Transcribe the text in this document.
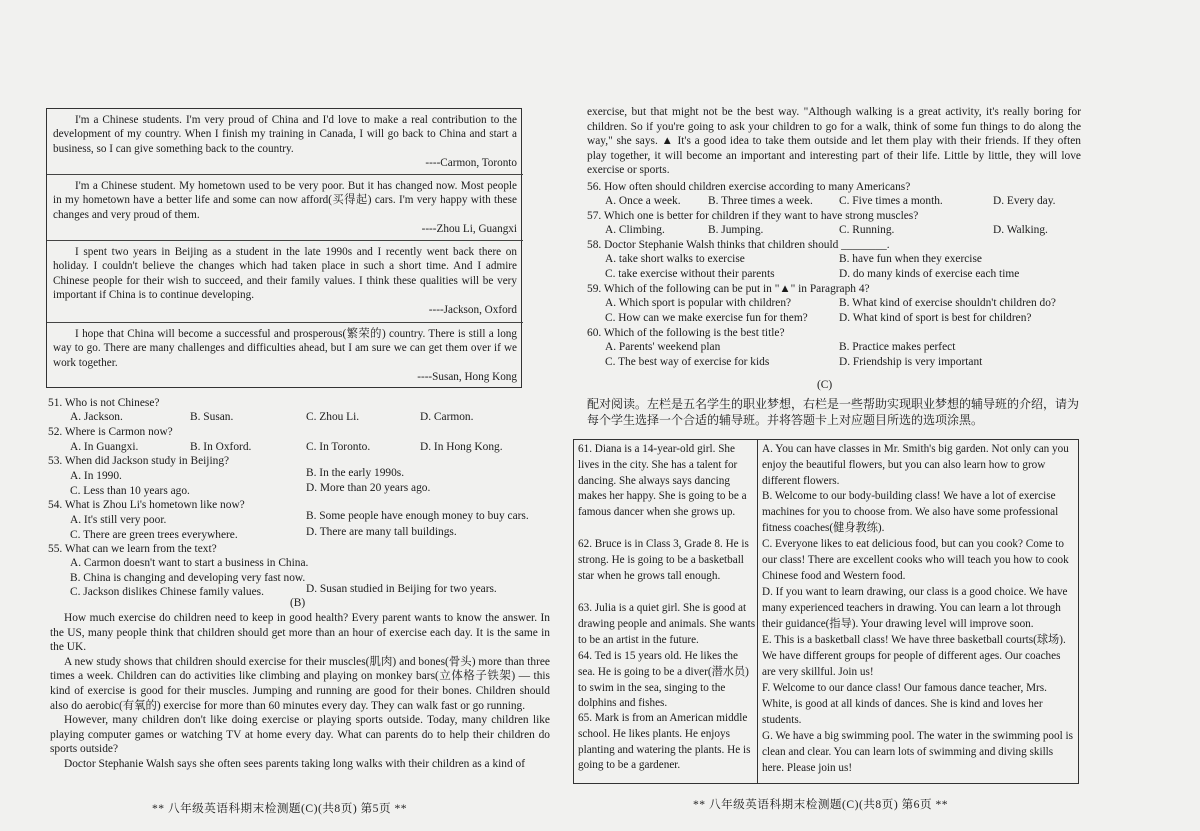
I'm a Chinese students. I'm very proud of China and I'd love to make a real contribution to the development of my country. When I finish my training in Canada, I will go back to China and start a business, so I can give something back to the country.

----Carmon, Toronto

I'm a Chinese student. My hometown used to be very poor. But it has changed now. Most people in my hometown have a better life and some can now afford(买得起) cars. I'm very happy with these changes and very proud of them.

----Zhou Li, Guangxi

I spent two years in Beijing as a student in the late 1990s and I recently went back there on holiday. I couldn't believe the changes which had taken place in such a short time. And I admire Chinese people for their wish to succeed, and their family values. I think these qualities will be very important if China is to continue developing.

----Jackson, Oxford

I hope that China will become a successful and prosperous(繁荣的) country. There is still a long way to go. There are many challenges and difficulties ahead, but I am sure we can get them over if we work together.

----Susan, Hong Kong
51. Who is not Chinese?
A. Jackson.	B. Susan.	C. Zhou Li.	D. Carmon.
52. Where is Carmon now?
A. In Guangxi.	B. In Oxford.	C. In Toronto.	D. In Hong Kong.
53. When did Jackson study in Beijing?
A. In 1990.	B. In the early 1990s.
C. Less than 10 years ago.	D. More than 20 years ago.
54. What is Zhou Li's hometown like now?
A. It's still very poor.	B. Some people have enough money to buy cars.
C. There are green trees everywhere.	D. There are many tall buildings.
55. What can we learn from the text?
A. Carmon doesn't want to start a business in China.
B. China is changing and developing very fast now.
C. Jackson dislikes Chinese family values.	D. Susan studied in Beijing for two years.
(B)

How much exercise do children need to keep in good health? Every parent wants to know the answer. In the US, many people think that children should get more than an hour of exercise each day. It is the same in the UK.

A new study shows that children should exercise for their muscles(肌肉) and bones(骨头) more than three times a week. Children can do activities like climbing and playing on monkey bars(立体格子铁架) — this kind of exercise is good for their muscles. Jumping and running are good for their bones. Children should also do aerobic(有氧的) exercise for more than 60 minutes every day. They can walk fast or go running.

However, many children don't like doing exercise or playing sports outside. Today, many children like playing computer games or watching TV at home every day. What can parents do to help their children do sports outside?

Doctor Stephanie Walsh says she often sees parents taking long walks with their children as a kind of

** 八年级英语科期末检测题(C)(共8页) 第5页 **
exercise, but that might not be the best way. "Although walking is a great activity, it's really boring for children. So if you're going to ask your children to go for a walk, think of some fun things to do along the way," she says. ▲ It's a good idea to take them outside and let them play with their friends. If they often play together, it will become an important and interesting part of their life. Little by little, they will love exercise or sports.
56. How often should children exercise according to many Americans?
A. Once a week. B. Three times a week. C. Five times a month.	D. Every day.
57. Which one is better for children if they want to have strong muscles?
A. Climbing.	B. Jumping.	C. Running.	D. Walking.
58. Doctor Stephanie Walsh thinks that children should ________.
A. take short walks to exercise	B. have fun when they exercise
C. take exercise without their parents	D. do many kinds of exercise each time
59. Which of the following can be put in "▲" in Paragraph 4?
A. Which sport is popular with children?	B. What kind of exercise shouldn't children do?
C. How can we make exercise fun for them?	D. What kind of sport is best for children?
60. Which of the following is the best title?
A. Parents' weekend plan	B. Practice makes perfect
C. The best way of exercise for kids	D. Friendship is very important
(C)
配对阅读。左栏是五名学生的职业梦想，右栏是一些帮助实现职业梦想的辅导班的介绍，请为每个学生选择一个合适的辅导班。并将答题卡上对应题目所选的选项涂黑。
** 八年级英语科期末检测题(C)(共8页) 第6页 **
61. Diana is a 14-year-old girl. She lives in the city. She has a talent for dancing. She always says dancing makes her happy. She is going to be a famous dancer when she grows up.
62. Bruce is in Class 3, Grade 8. He is strong. He is going to be a basketball star when he grows tall enough.
63. Julia is a quiet girl. She is good at drawing people and animals. She wants to be an artist in the future.
64. Ted is 15 years old. He likes the sea. He is going to be a diver(潜水员) to swim in the sea, singing to the dolphins and fishes.
65. Mark is from an American middle school. He likes plants. He enjoys planting and watering the plants. He is going to be a gardener.
A. You can have classes in Mr. Smith's big garden. Not only can you enjoy the beautiful flowers, but you can also learn how to grow different flowers.
B. Welcome to our body-building class! We have a lot of exercise machines for you to choose from. We also have some professional fitness coaches(健身教练).
C. Everyone likes to eat delicious food, but can you cook? Come to our class! There are excellent cooks who will teach you how to cook Chinese food and Western food.
D. If you want to learn drawing, our class is a good choice. We have many experienced teachers in drawing. You can learn a lot through their guidance(指导). Your drawing level will improve soon.
E. This is a basketball class! We have three basketball courts(球场). We have different groups for people of different ages. Our coaches are very skillful. Join us!
F. Welcome to our dance class! Our famous dance teacher, Mrs. White, is good at all kinds of dances. She is kind and loves her students.
G. We have a big swimming pool. The water in the swimming pool is clean and clear. You can learn lots of swimming and diving skills here. Please join us!
